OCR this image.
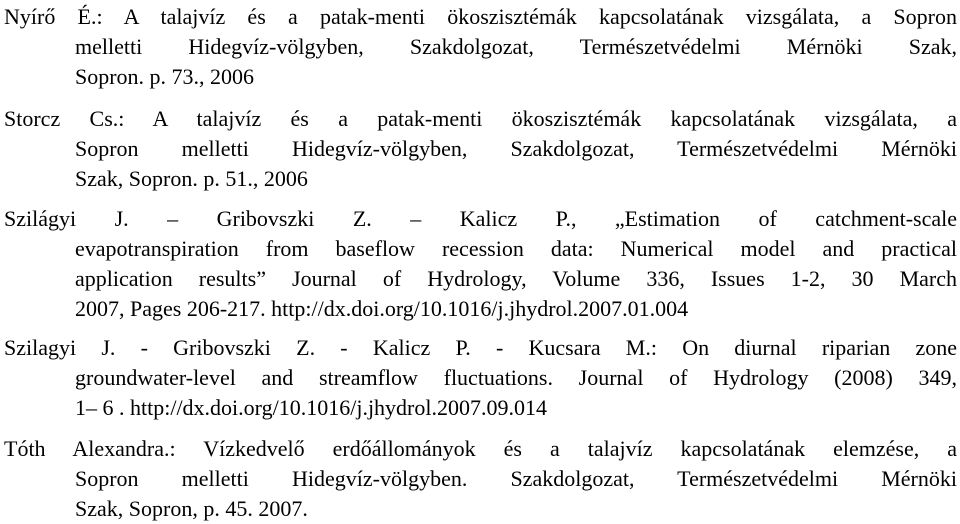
Nyírő É.: A talajvíz és a patak-menti ökoszisztémák kapcsolatának vizsgálata, a Sopron
melletti Hidegvíz-völgyben, Szakdolgozat, Természetvédelmi Mérnöki Szak,
Sopron. p. 73., 2006
Storcz Cs.: A talajvíz és a patak-menti ökoszisztémák kapcsolatának vizsgálata, a
Sopron melletti Hidegvíz-völgyben, Szakdolgozat, Természetvédelmi Mérnöki
Szak, Sopron. p. 51., 2006
Szilágyi J. – Gribovszki Z. – Kalicz P., „Estimation of catchment-scale
evapotranspiration from baseflow recession data: Numerical model and practical
application results” Journal of Hydrology, Volume 336, Issues 1-2, 30 March
2007, Pages 206-217. http://dx.doi.org/10.1016/j.jhydrol.2007.01.004
Szilagyi J. - Gribovszki Z. - Kalicz P. - Kucsara M.: On diurnal riparian zone
groundwater-level and streamflow fluctuations. Journal of Hydrology (2008) 349,
1– 6 . http://dx.doi.org/10.1016/j.jhydrol.2007.09.014
Tóth Alexandra.: Vízkedvelő erdőállományok és a talajvíz kapcsolatának elemzése, a
Sopron melletti Hidegvíz-völgyben. Szakdolgozat, Természetvédelmi Mérnöki
Szak, Sopron, p. 45. 2007.
